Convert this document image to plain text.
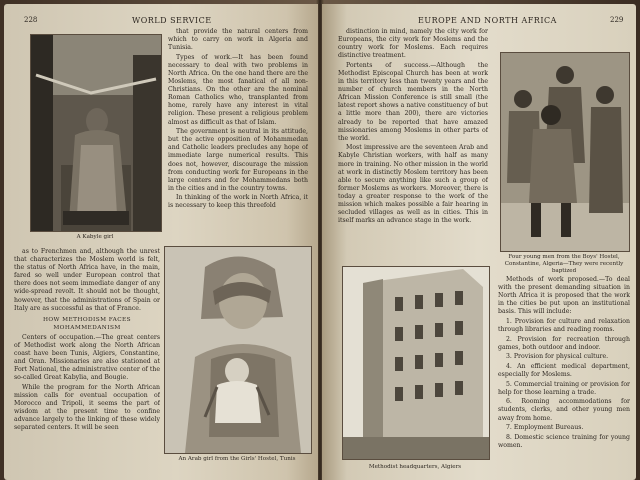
228	WORLD SERVICE
A Kabyle girl

that provide the natural centers from which to carry on work in Algeria and Tunisia.

Types of work.—It has been found necessary to deal with two problems in North Africa. On the one hand there are the Moslems, the most fanatical of all non-Christians. On the other are the nominal Roman Catholics who, transplanted from home, rarely have any interest in vital religion. These present a religious problem almost as difficult as that of Islam.

The government is neutral in its attitude, but the active opposition of Mohammedan and Catholic leaders precludes any hope of immediate large numerical results. This does not, however, discourage the mission from conducting work for Europeans in the large centers and for Mohammedans both in the cities and in the country towns.

In thinking of the work in North Africa, it is necessary to keep this threefold

as to Frenchmen and, although the unrest that characterizes the Moslem world is felt, the status of North Africa have, in the main, fared so well under European control that there does not seem immediate danger of any wide-spread revolt. It should not be thought, however, that the administrations of Spain or Italy are as successful as that of France.

HOW METHODISM FACES MOHAMMEDANISM

Centers of occupation.—The great centers of Methodist work along the North African coast have been Tunis, Algiers, Constantine, and Oran. Missionaries are also stationed at Fort National, the administrative center of the so-called Great Kabylia, and Bougie.

While the program for the North African mission calls for eventual occupation of Morocco and Tripoli, it seems the part of wisdom at the present time to confine advance largely to the linking of these widely separated centers. It will be seen

An Arab girl from the Girls' Hostel, Tunis
EUROPE AND NORTH AFRICA	229

distinction in mind, namely the city work for Europeans, the city work for Moslems and the country work for Moslems. Each requires distinctive treatment.

Portents of success.—Although the Methodist Episcopal Church has been at work in this territory less than twenty years and the number of church members in the North African Mission Conference is still small (the latest report shows a native constituency of but a little more than 200), there are victories already to be reported that have amazed missionaries among Moslems in other parts of the world.

Most impressive are the seventeen Arab and Kabyle Christian workers, with half as many more in training. No other mission in the world at work in distinctly Moslem territory has been able to secure anything like such a group of former Moslems as workers. Moreover, there is today a greater response to the work of the mission which makes possible a fair hearing in secluded villages as well as in cities. This in itself marks an advance stage in the work.

Four young men from the Boys' Hostel, Constantine, Algeria—They were recently baptized
Methodist headquarters, Algiers

Methods of work proposed.—To deal with the present demanding situation in North Africa it is proposed that the work in the cities be put upon an institutional basis. This will include:

1. Provision for culture and relaxation through libraries and reading rooms.

2. Provision for recreation through games, both outdoor and indoor.

3. Provision for physical culture.

4. An efficient medical department, especially for Moslems.

5. Commercial training or provision for help for those learning a trade.

6. Rooming accommodations for students, clerks, and other young men away from home.

7. Employment Bureaus.

8. Domestic science training for young women.
